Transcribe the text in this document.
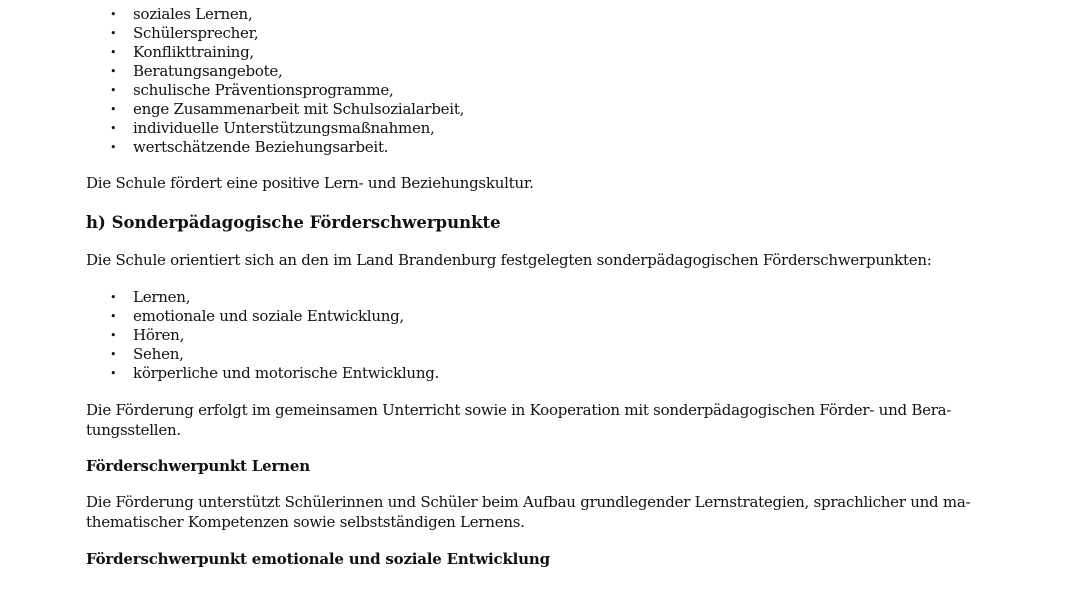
• soziales Lernen,
• Schülersprecher,
• Konflikttraining,
• Beratungsangebote,
• schulische Präventionsprogramme,
• enge Zusammenarbeit mit Schulsozialarbeit,
• individuelle Unterstützungsmaßnahmen,
• wertschätzende Beziehungsarbeit.

Die Schule fördert eine positive Lern- und Beziehungskultur.

h) Sonderpädagogische Förderschwerpunkte

Die Schule orientiert sich an den im Land Brandenburg festgelegten sonderpädagogischen Förderschwerpunkten:

• Lernen,
• emotionale und soziale Entwicklung,
• Hören,
• Sehen,
• körperliche und motorische Entwicklung.

Die Förderung erfolgt im gemeinsamen Unterricht sowie in Kooperation mit sonderpädagogischen Förder- und Bera-

tungsstellen.

Förderschwerpunkt Lernen

Die Förderung unterstützt Schülerinnen und Schüler beim Aufbau grundlegender Lernstrategien, sprachlicher und ma-

thematischer Kompetenzen sowie selbstständigen Lernens.

Förderschwerpunkt emotionale und soziale Entwicklung
